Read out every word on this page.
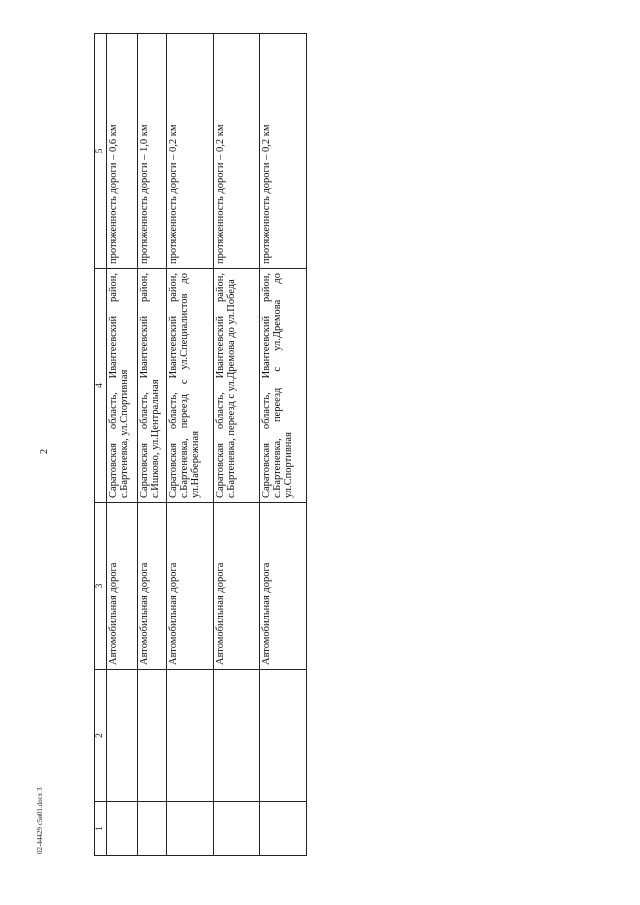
2
1	2	3	4	5
		Автомобильная дорога	Саратовская область, Ивантеевский район, с.Бартеневка, ул.Спортивная	протяженность дороги – 0,6 км
		Автомобильная дорога	Саратовская область, Ивантеевский район, с.Ишково, ул.Центральная	протяженность дороги – 1,0 км
		Автомобильная дорога	Саратовская область, Ивантеевский район, с.Бартеневка, переезд с ул.Специалистов до ул.Набережная	протяженность дороги – 0,2 км
		Автомобильная дорога	Саратовская область, Ивантеевский район, с.Бартеневка, переезд с ул.Дремова до ул.Победа	протяженность дороги – 0,2 км
		Автомобильная дорога	Саратовская область, Ивантеевский район, с.Бартеневка, переезд с ул.Дремова до ул.Спортивная	протяженность дороги – 0,2 км
02-44429 с5и01.docx 3
